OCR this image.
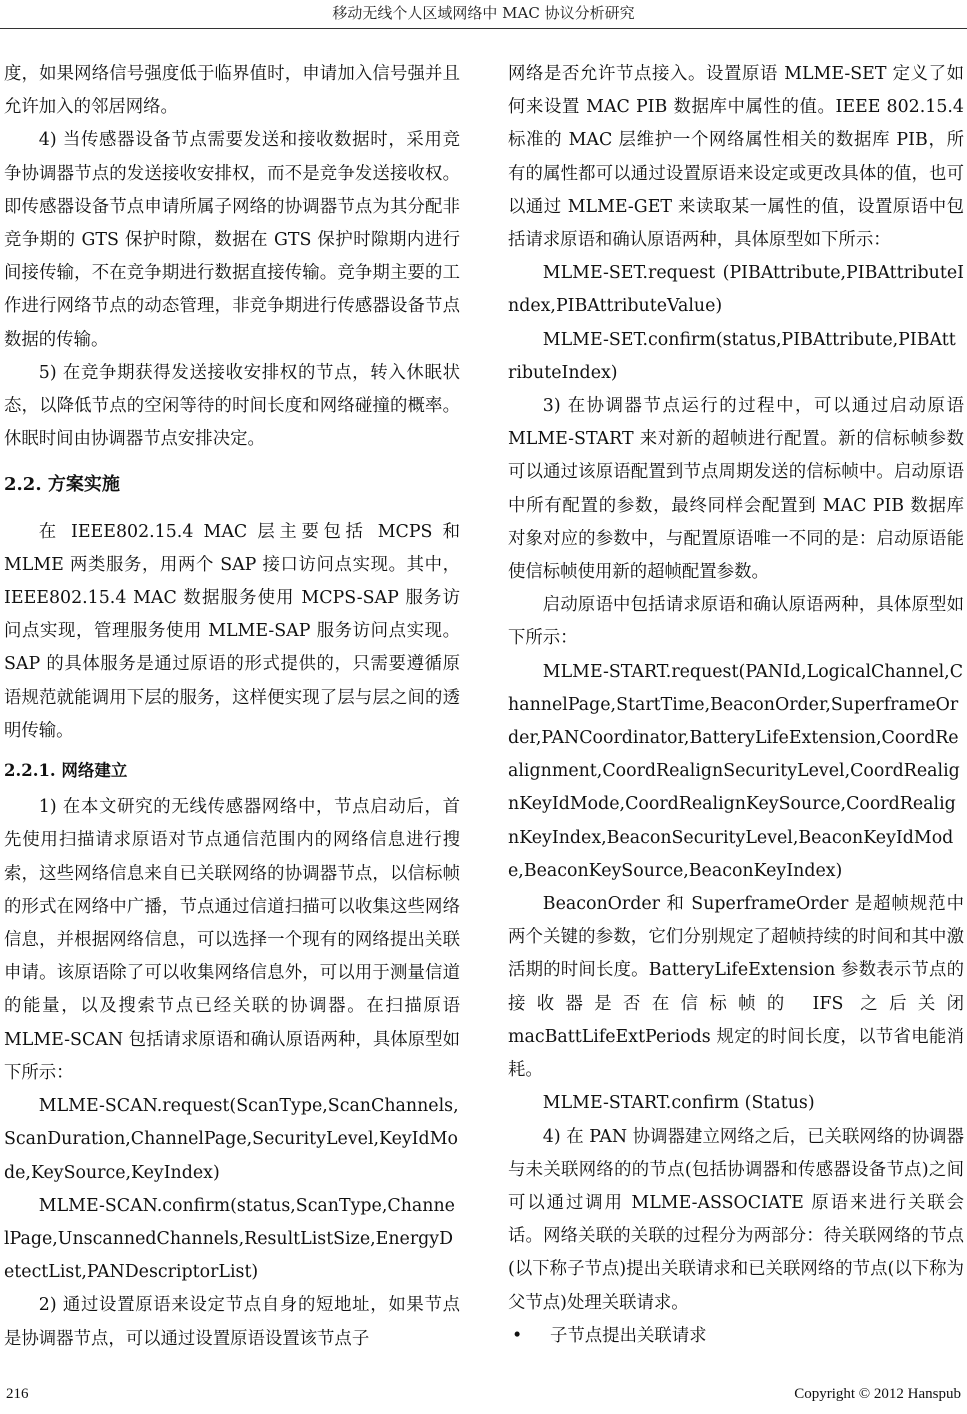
移动无线个人区域网络中 MAC 协议分析研究

度，如果网络信号强度低于临界值时，申请加入信号强并且允许加入的邻居网络。

4) 当传感器设备节点需要发送和接收数据时，采用竞争协调器节点的发送接收安排权，而不是竞争发送接收权。即传感器设备节点申请所属子网络的协调器节点为其分配非竞争期的 GTS 保护时隙，数据在 GTS 保护时隙期内进行间接传输，不在竞争期进行数据直接传输。竞争期主要的工作进行网络节点的动态管理，非竞争期进行传感器设备节点数据的传输。

5) 在竞争期获得发送接收安排权的节点，转入休眠状态，以降低节点的空闲等待的时间长度和网络碰撞的概率。休眠时间由协调器节点安排决定。

2.2. 方案实施

在 IEEE802.15.4 MAC 层主要包括 MCPS 和 MLME 两类服务，用两个 SAP 接口访问点实现。其中，IEEE802.15.4 MAC 数据服务使用 MCPS-SAP 服务访问点实现，管理服务使用 MLME-SAP 服务访问点实现。SAP 的具体服务是通过原语的形式提供的，只需要遵循原语规范就能调用下层的服务，这样便实现了层与层之间的透明传输。

2.2.1. 网络建立

1) 在本文研究的无线传感器网络中，节点启动后，首先使用扫描请求原语对节点通信范围内的网络信息进行搜索，这些网络信息来自已关联网络的协调器节点，以信标帧的形式在网络中广播，节点通过信道扫描可以收集这些网络信息，并根据网络信息，可以选择一个现有的网络提出关联申请。该原语除了可以收集网络信息外，可以用于测量信道的能量，以及搜索节点已经关联的协调器。在扫描原语 MLME-SCAN 包括请求原语和确认原语两种，具体原型如下所示：

MLME-SCAN.request(ScanType,ScanChannels,ScanDuration,ChannelPage,SecurityLevel,KeyIdMode,KeySource,KeyIndex)

MLME-SCAN.confirm(status,ScanType,ChannelPage,UnscannedChannels,ResultListSize,EnergyDetectList,PANDescriptorList)

2) 通过设置原语来设定节点自身的短地址，如果节点是协调器节点，可以通过设置原语设置该节点子

网络是否允许节点接入。设置原语 MLME-SET 定义了如何来设置 MAC PIB 数据库中属性的值。IEEE 802.15.4 标准的 MAC 层维护一个网络属性相关的数据库 PIB，所有的属性都可以通过设置原语来设定或更改具体的值，也可以通过 MLME-GET 来读取某一属性的值，设置原语中包括请求原语和确认原语两种，具体原型如下所示：

MLME-SET.request (PIBAttribute,PIBAttributeIndex,PIBAttributeValue)

MLME-SET.confirm(status,PIBAttribute,PIBAttributeIndex)

3) 在协调器节点运行的过程中，可以通过启动原语 MLME-START 来对新的超帧进行配置。新的信标帧参数可以通过该原语配置到节点周期发送的信标帧中。启动原语中所有配置的参数，最终同样会配置到 MAC PIB 数据库对象对应的参数中，与配置原语唯一不同的是：启动原语能使信标帧使用新的超帧配置参数。

启动原语中包括请求原语和确认原语两种，具体原型如下所示：

MLME-START.request(PANId,LogicalChannel,ChannelPage,StartTime,BeaconOrder,SuperframeOrder,PANCoordinator,BatteryLifeExtension,CoordRealignment,CoordRealignSecurityLevel,CoordRealignKeyIdMode,CoordRealignKeySource,CoordRealignKeyIndex,BeaconSecurityLevel,BeaconKeyIdMode,BeaconKeySource,BeaconKeyIndex)

BeaconOrder 和 SuperframeOrder 是超帧规范中两个关键的参数，它们分别规定了超帧持续的时间和其中激活期的时间长度。BatteryLifeExtension 参数表示节点的接收器是否在信标帧的 IFS 之后关闭 macBattLifeExtPeriods 规定的时间长度，以节省电能消耗。

MLME-START.confirm (Status)

4) 在 PAN 协调器建立网络之后，已关联网络的协调器与未关联网络的的节点(包括协调器和传感器设备节点)之间可以通过调用 MLME-ASSOCIATE 原语来进行关联会话。网络关联的关联的过程分为两部分：待关联网络的节点(以下称子节点)提出关联请求和已关联网络的节点(以下称为父节点)处理关联请求。

• 子节点提出关联请求

216	Copyright © 2012 Hanspub
